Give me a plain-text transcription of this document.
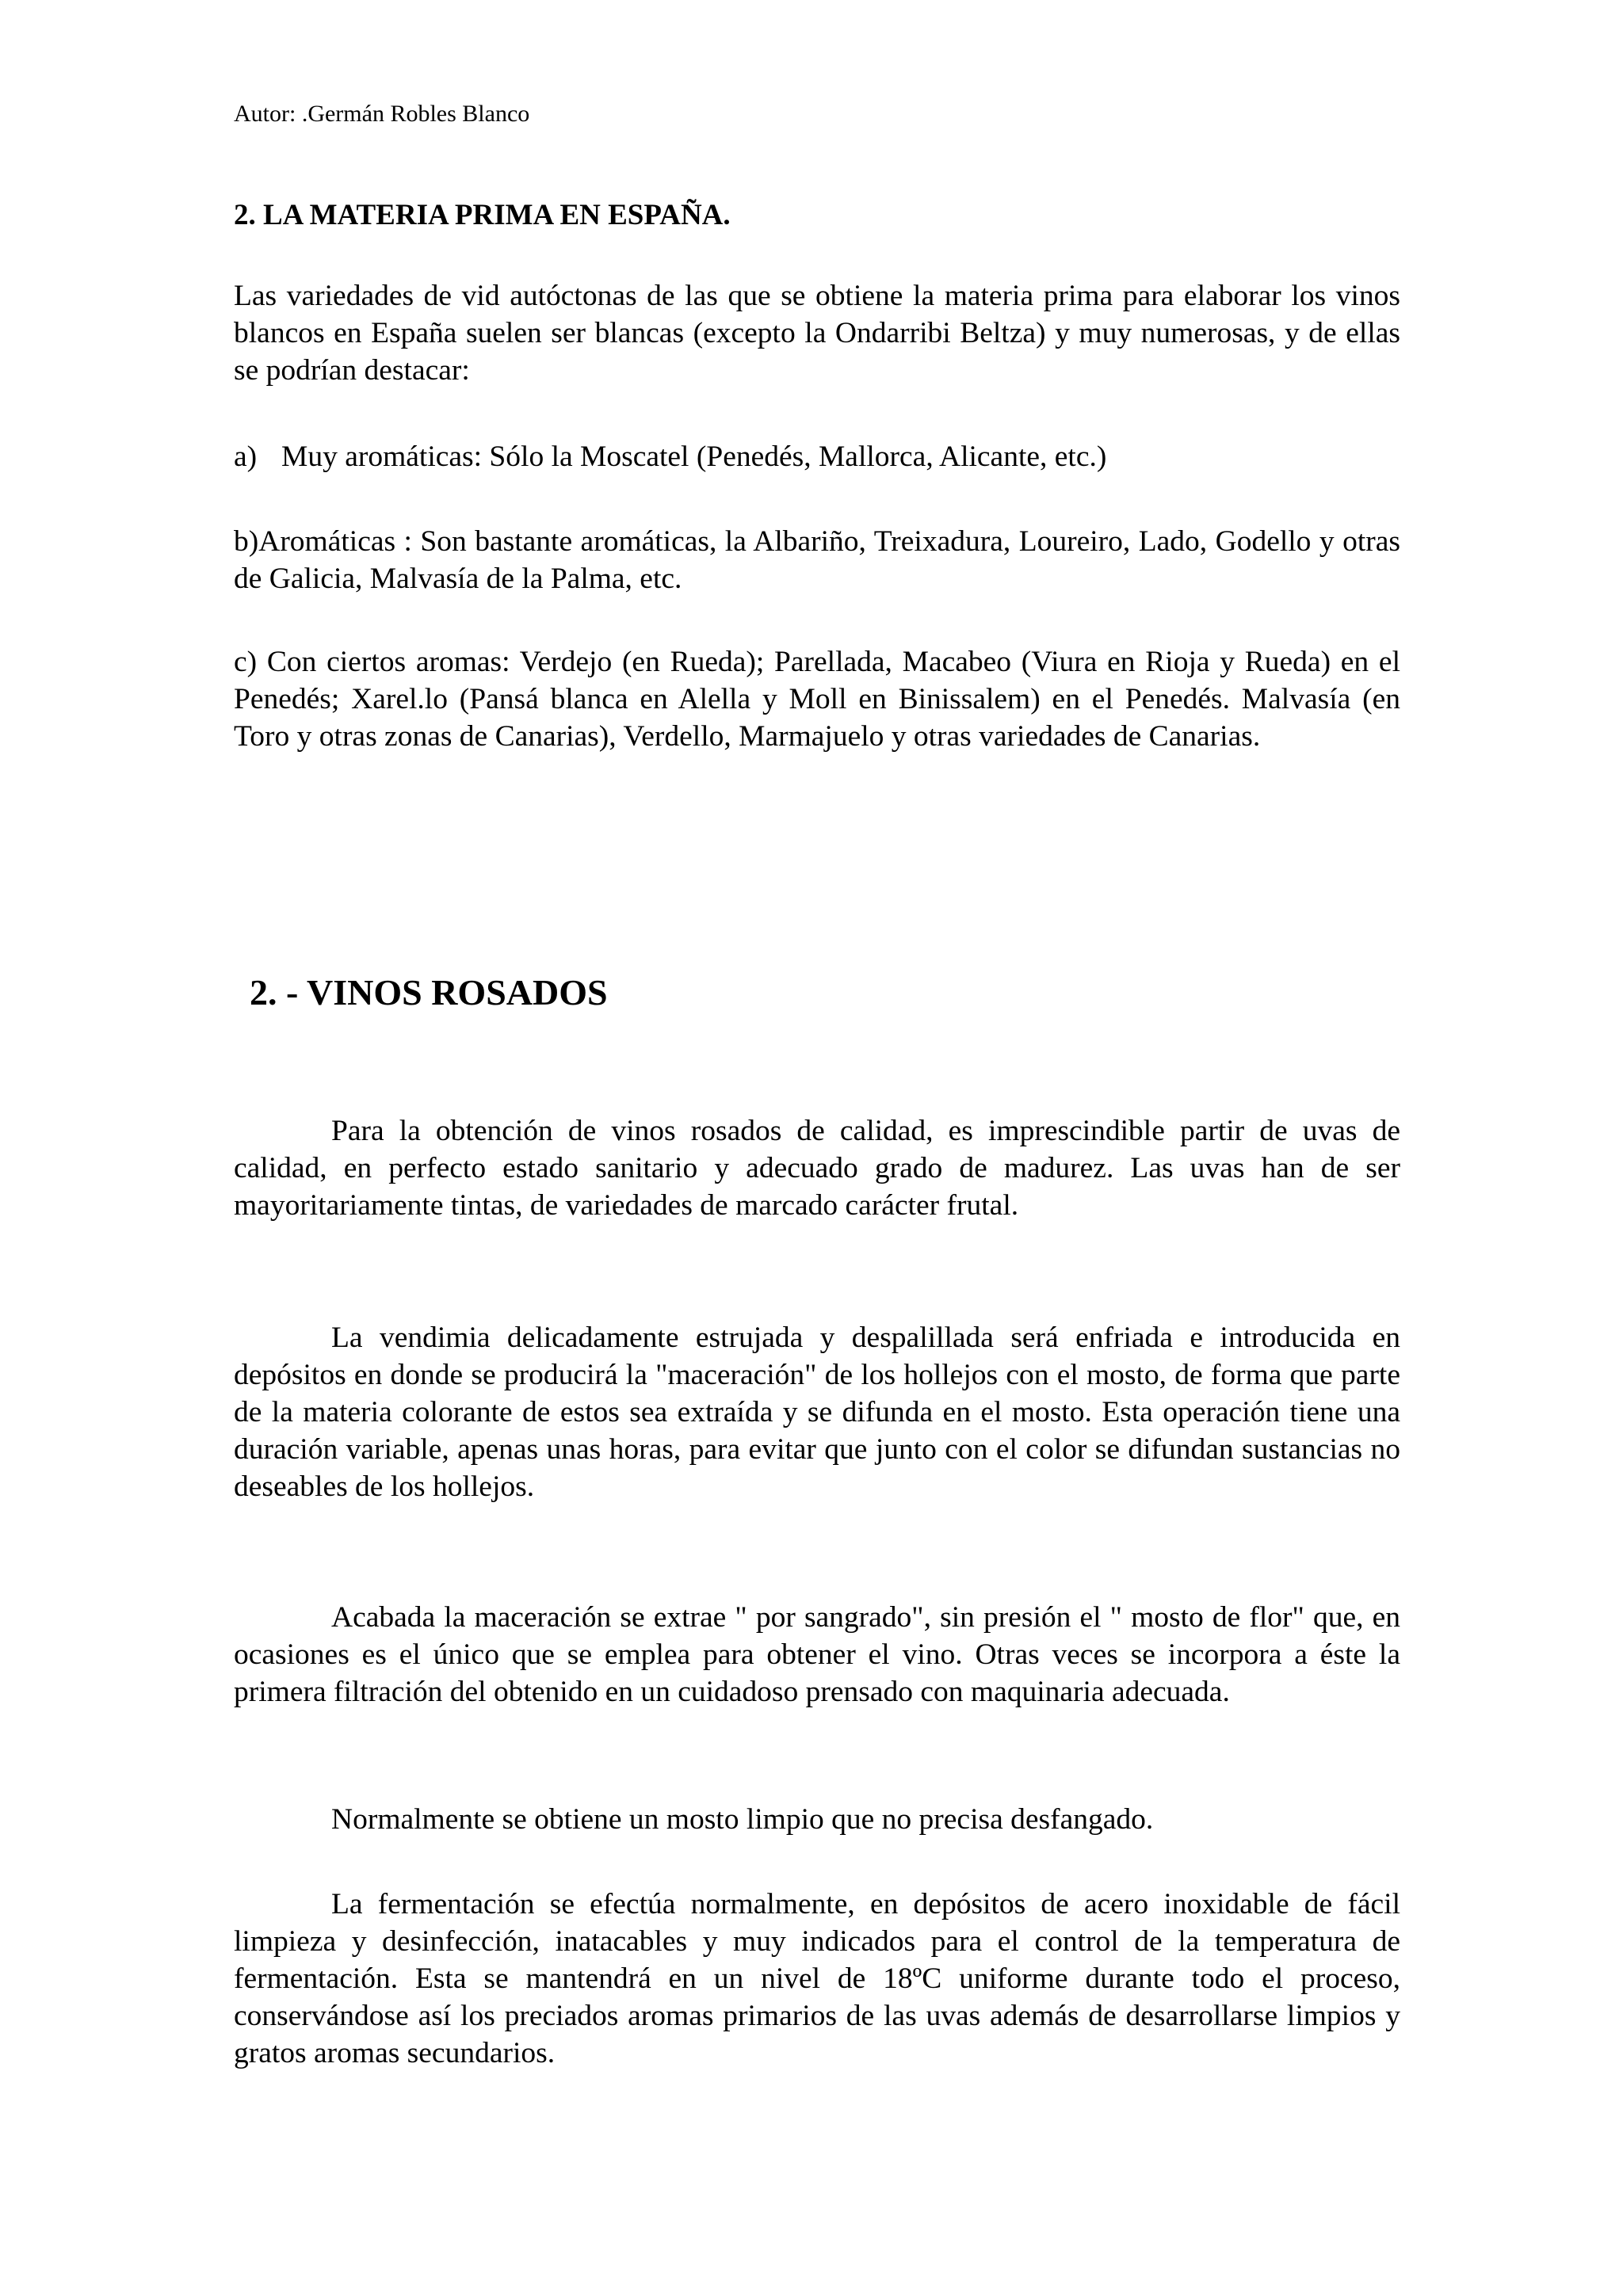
Autor: .Germán Robles Blanco
2. LA MATERIA PRIMA EN ESPAÑA.

Las variedades de vid autóctonas de las que se obtiene la materia prima para elaborar los vinos blancos en España suelen ser blancas (excepto la Ondarribi Beltza) y muy numerosas, y de ellas se podrían destacar:

a) Muy aromáticas: Sólo la Moscatel (Penedés, Mallorca, Alicante, etc.)

b)Aromáticas : Son bastante aromáticas, la Albariño, Treixadura, Loureiro, Lado, Godello y otras de Galicia, Malvasía de la Palma, etc.

c) Con ciertos aromas: Verdejo (en Rueda); Parellada, Macabeo (Viura en Rioja y Rueda) en el Penedés; Xarel.lo (Pansá blanca en Alella y Moll en Binissalem) en el Penedés. Malvasía (en Toro y otras zonas de Canarias), Verdello, Marmajuelo y otras variedades de Canarias.

2. - VINOS ROSADOS

Para la obtención de vinos rosados de calidad, es imprescindible partir de uvas de calidad, en perfecto estado sanitario y adecuado grado de madurez. Las uvas han de ser mayoritariamente tintas, de variedades de marcado carácter frutal.

La vendimia delicadamente estrujada y despalillada será enfriada e introducida en depósitos en donde se producirá la "maceración" de los hollejos con el mosto, de forma que parte de la materia colorante de estos sea extraída y se difunda en el mosto. Esta operación tiene una duración variable, apenas unas horas, para evitar que junto con el color se difundan sustancias no deseables de los hollejos.

Acabada la maceración se extrae " por sangrado", sin presión el " mosto de flor" que, en ocasiones es el único que se emplea para obtener el vino. Otras veces se incorpora a éste la primera filtración del obtenido en un cuidadoso prensado con maquinaria adecuada.

Normalmente se obtiene un mosto limpio que no precisa desfangado.

La fermentación se efectúa normalmente, en depósitos de acero inoxidable de fácil limpieza y desinfección, inatacables y muy indicados para el control de la temperatura de fermentación. Esta se mantendrá en un nivel de 18ºC uniforme durante todo el proceso, conservándose así los preciados aromas primarios de las uvas además de desarrollarse limpios y gratos aromas secundarios.
